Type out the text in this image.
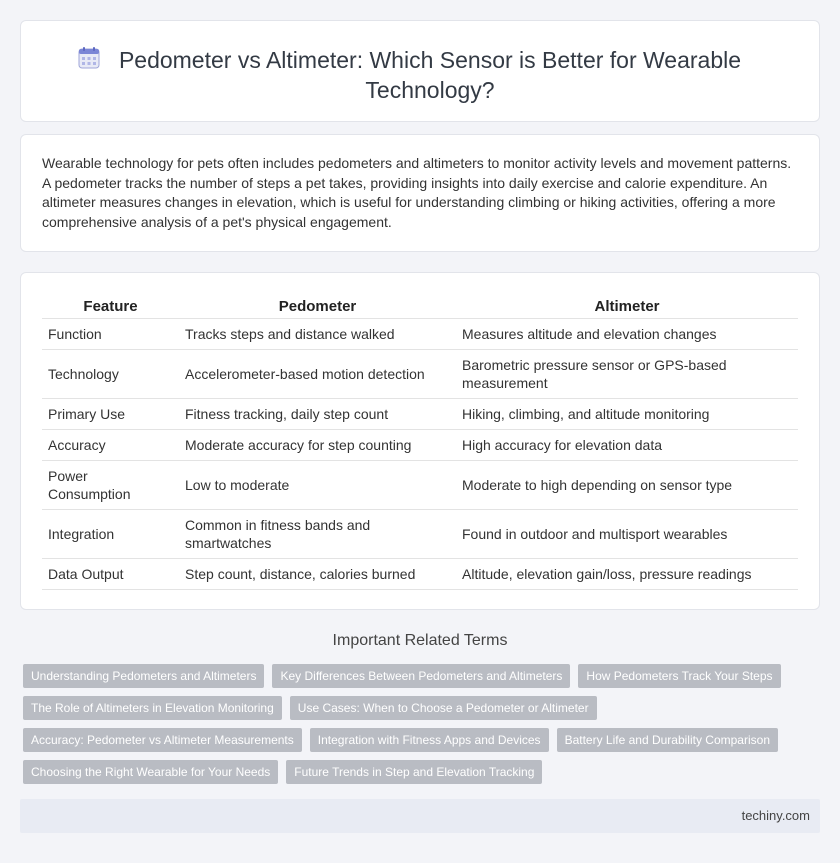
Pedometer vs Altimeter: Which Sensor is Better for Wearable
Technology?

Wearable technology for pets often includes pedometers and altimeters to monitor activity levels and movement patterns. A pedometer tracks the number of steps a pet takes, providing insights into daily exercise and calorie expenditure. An altimeter measures changes in elevation, which is useful for understanding climbing or hiking activities, offering a more comprehensive analysis of a pet's physical engagement.

Feature	Pedometer	Altimeter
Function	Tracks steps and distance walked	Measures altitude and elevation changes
Technology	Accelerometer-based motion detection	Barometric pressure sensor or GPS-based measurement
Primary Use	Fitness tracking, daily step count	Hiking, climbing, and altitude monitoring
Accuracy	Moderate accuracy for step counting	High accuracy for elevation data
Power Consumption	Low to moderate	Moderate to high depending on sensor type
Integration	Common in fitness bands and smartwatches	Found in outdoor and multisport wearables
Data Output	Step count, distance, calories burned	Altitude, elevation gain/loss, pressure readings
Important Related Terms
Understanding Pedometers and Altimeters	Key Differences Between Pedometers and Altimeters	How Pedometers Track Your Steps
The Role of Altimeters in Elevation Monitoring	Use Cases: When to Choose a Pedometer or Altimeter
Accuracy: Pedometer vs Altimeter Measurements	Integration with Fitness Apps and Devices	Battery Life and Durability Comparison
Choosing the Right Wearable for Your Needs	Future Trends in Step and Elevation Tracking
techiny.com
